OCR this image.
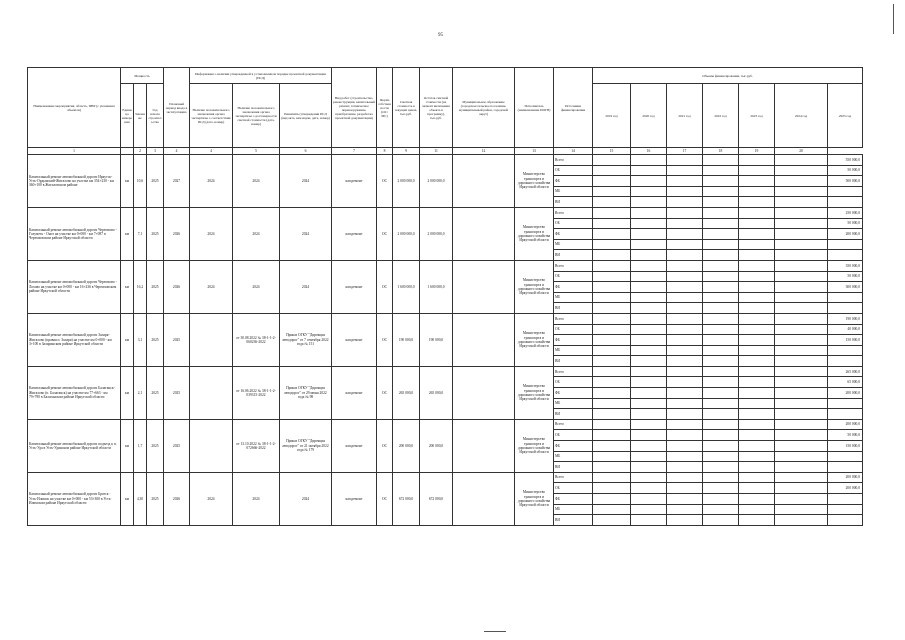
95
Наименование мероприятия, область, ПНР (с указанием объектов)	Мощность			Плановый период ввода в эксплуатацию	Информация о наличии утвержденной в установленном порядке проектной документации (ПСД)			Вид работ (строительство, реконструкция, капитальный ремонт, техническое перевооружение, приобретение, разработка проектной документации)	Форма собственности (ОС/МС)	Сметная стоимость в текущих ценах, тыс.руб.	Остаток сметной стоимости (на момент включения объекта в программу), тыс.руб.	Муниципальное образование (городское/сельское поселение, муниципальный район, городской округ)	Исполнитель (наименование ИОГВ)	Источники финансирования	Объемы финансирования, тыс.руб.						
	Единица измерения	Значение	Год начала строительства		Наличие положительного заключения органа экспертизы о соответствии ПСД (дата, номер)	Наличие положительного заключения органа экспертизы о достоверности сметной стоимости (дата, номер)	Реквизиты утверждения ПСД (вид акта, кем издан, дата, номер)								2019 год	2020 год	2021 год	2022 год	2023 год	2024 год	2025 год

1		2	3	4	4	5	6	7	8	9	11	12	13	14	15	16	17	18	19	20	
Капитальный ремонт автомобильной дороги Иркутск-Усть-Ордынский-Жигалово на участке км 354+230 - км 360+100 в Жигаловском районе	км	10,6	2025	2027	2024	2024	2024	кап.ремонт	ОС	2 000 000,0	2 000 000,0		Министерство транспорта и дорожного хозяйства Иркутской области	Всего							550 000,0
														ОБ							50 000,0
														ФБ							500 000,0
														МБ							
														ВИ							
Капитальный ремонт автомобильной дороги Черемхово - Голуметь - Онот на участке км 0+000 - км 7+087 в Черемховском районе Иркутской области	км	7,1	2025	2026	2024	2024	2024	кап.ремонт	ОС	2 000 000,0	2 000 000,0		Министерство транспорта и дорожного хозяйства Иркутской области	Всего							250 000,0
														ОБ							50 000,0
														ФБ							200 000,0
														МБ							
														ВИ							
Капитальный ремонт автомобильной дороги Черемхово - Лохово на участке км 0+000 - км 16+236 в Черемховском районе Иркутской области	км	16,2	2025	2026	2024	2024	2024	кап.ремонт	ОС	1 600 000,0	1 600 000,0		Министерство транспорта и дорожного хозяйства Иркутской области	Всего							350 000,0
														ОБ							50 000,0
														ФБ							300 000,0
														МБ							
														ВИ							
Капитальный ремонт автомобильной дороги Заларя-Жигалово (правая п. Заларя) на участке км 0+000 - км 3+100 в Заларинском районе Иркутской области	км	3,1	2025	2025		от 30.08.2022 № 38-1-1-2-060236-2022	Приказ ОГКУ "Дирекция автодорог" от 7 сентября 2022 года № 151	кап.ремонт	ОС	190 000,0	190 000,0		Министерство транспорта и дорожного хозяйства Иркутской области	Всего							190 000,0
														ОБ							40 000,0
														ФБ							150 000,0
														МБ							
														ВИ							
Капитальный ремонт автомобильной дороги Балаганск-Жигалово (п. Балаганск) на участке км 77+663 - км 79+790 в Балаганском районе Иркутской области	км	2,1	2025	2025		от 16.06.2022 № 38-1-1-2-039315-2022	Приказ ОГКУ "Дирекция автодорог" от 29 июня 2022 года № 98	кап.ремонт	ОС	265 000,0	265 000,0		Министерство транспорта и дорожного хозяйства Иркутской области	Всего							265 000,0
														ОБ							65 000,0
														ФБ							200 000,0
														МБ							
														ВИ							
Капитальный ремонт автомобильной дороги подъезд к п. Усть-Уда в Усть-Удинском районе Иркутской области	км	1,7	2025	2025		от 13.10.2022 № 38-1-1-2-072666-2022	Приказ ОГКУ "Дирекция автодорог" от 21 октября 2022 года № 179	кап.ремонт	ОС	200 000,0	200 000,0		Министерство транспорта и дорожного хозяйства Иркутской области	Всего							200 000,0
														ОБ							50 000,0
														ФБ							150 000,0
														МБ							
														ВИ							
Капитальный ремонт автомобильной дороги Братск - Усть-Илимск на участке км 0+000 - км 53+300 в Усть-Илимском районе Иркутской области	км	4,30	2025	2026	2024	2024	2024	кап.ремонт	ОС	672 000,0	672 000,0		Министерство транспорта и дорожного хозяйства Иркутской области	Всего							200 000,0
														ОБ							200 000,0
														ФБ							
														МБ							
														ВИ							
